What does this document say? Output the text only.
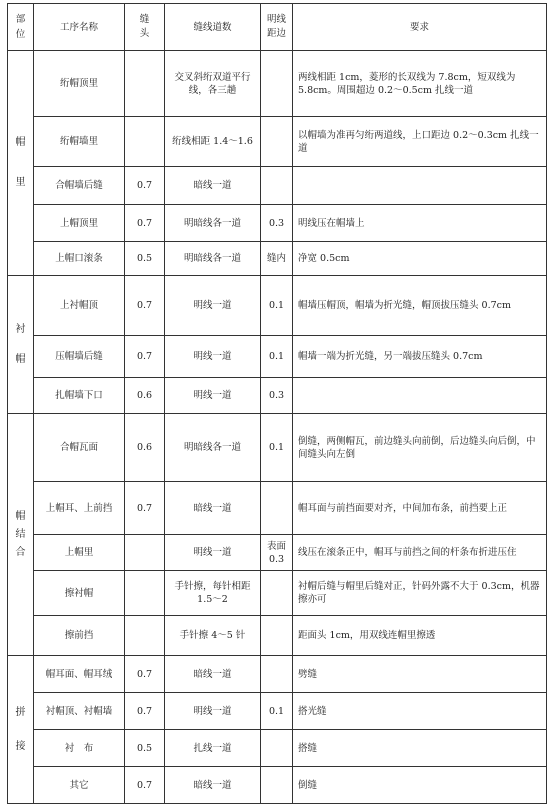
部位	工序名称	缝头	缝线道数	明线距边	要求

帽里	绗帽顶里		交叉斜绗双道平行线，各三趟		两线相距 1cm，菱形的长双线为 7.8cm，短双线为 5.8cm。周围超边 0.2～0.5cm 扎线一道
	绗帽墙里		绗线相距 1.4～1.6		以帽墙为准再匀绗两道线，上口距边 0.2～0.3cm 扎线一道
	合帽墙后缝	0.7	暗线一道		
	上帽顶里	0.7	明暗线各一道	0.3	明线压在帽墙上
	上帽口滚条	0.5	明暗线各一道	缝内	净宽 0.5cm

衬帽	上衬帽顶	0.7	明线一道	0.1	帽墙压帽顶，帽墙为折光缝，帽顶拔压缝头 0.7cm
	压帽墙后缝	0.7	明线一道	0.1	帽墙一端为折光缝，另一端拔压缝头 0.7cm
	扎帽墙下口	0.6	明线一道	0.3	

帽结合	合帽瓦面	0.6	明暗线各一道	0.1	倒缝，两侧帽瓦，前边缝头向前倒，后边缝头向后倒，中间缝头向左倒
	上帽耳、上前挡	0.7	暗线一道		帽耳面与前挡面要对齐，中间加布条，前挡要上正
	上帽里		明线一道	表面 0.3	线压在滚条正中，帽耳与前挡之间的杆条布折进压住
	擦衬帽		手针擦，每针相距 1.5～2		衬帽后缝与帽里后缝对正，针码外露不大于 0.3cm，机器擦亦可
	擦前挡		手针擦 4～5 针		距面头 1cm，用双线连帽里擦透

拼接	帽耳面、帽耳绒	0.7	暗线一道		劈缝
	衬帽顶、衬帽墙	0.7	明线一道	0.1	搭光缝
	衬　布	0.5	扎线一道		搭缝
	其它	0.7	暗线一道		倒缝
